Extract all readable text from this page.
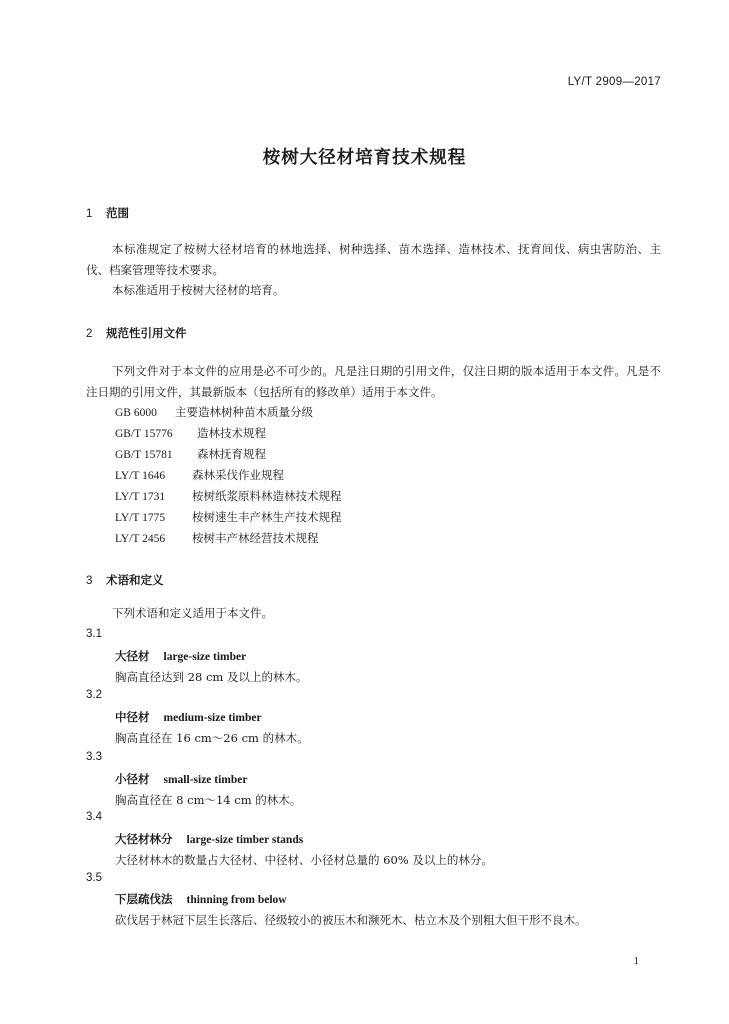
LY/T 2909—2017
桉树大径材培育技术规程
1 范围
本标准规定了桉树大径材培育的林地选择、树种选择、苗木选择、造林技术、抚育间伐、病虫害防治、主伐、档案管理等技术要求。
本标准适用于桉树大径材的培育。
2 规范性引用文件
下列文件对于本文件的应用是必不可少的。凡是注日期的引用文件，仅注日期的版本适用于本文件。凡是不注日期的引用文件，其最新版本（包括所有的修改单）适用于本文件。
GB 6000 主要造林树种苗木质量分级
GB/T 15776 造林技术规程
GB/T 15781 森林抚育规程
LY/T 1646 森林采伐作业规程
LY/T 1731 桉树纸浆原料林造林技术规程
LY/T 1775 桉树速生丰产林生产技术规程
LY/T 2456 桉树丰产林经营技术规程
3 术语和定义
下列术语和定义适用于本文件。
3.1
大径材 large-size timber
胸高直径达到 28 cm 及以上的林木。
3.2
中径材 medium-size timber
胸高直径在 16 cm～26 cm 的林木。
3.3
小径材 small-size timber
胸高直径在 8 cm～14 cm 的林木。
3.4
大径材林分 large-size timber stands
大径材林木的数量占大径材、中径材、小径材总量的 60% 及以上的林分。
3.5
下层疏伐法 thinning from below
砍伐居于林冠下层生长落后、径级较小的被压木和濒死木、枯立木及个别粗大但干形不良木。
1
